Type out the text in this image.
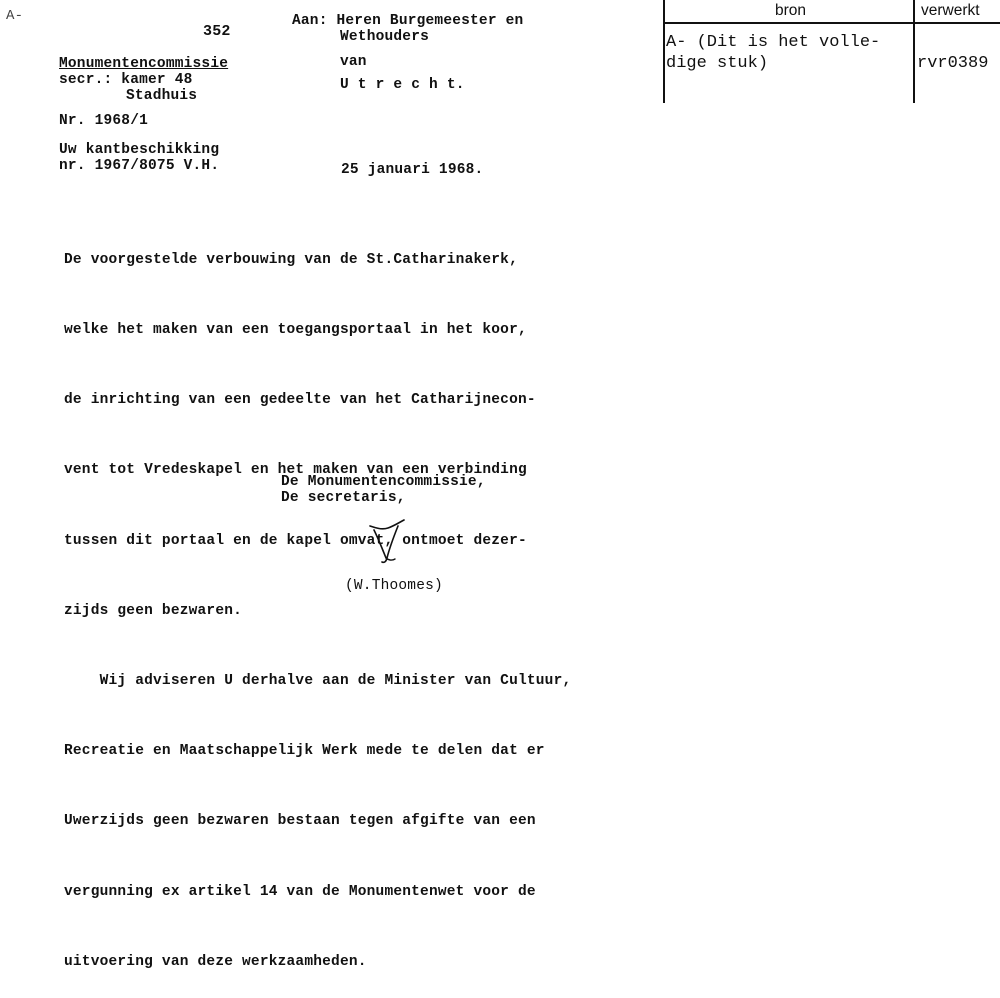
A-
352
Monumentencommissie
secr.: kamer 48
Stadhuis
Nr. 1968/1
Uw kantbeschikking
nr. 1967/8075 V.H.
Aan: Heren Burgemeester en
Wethouders
van
U t r e c h t.
25 januari 1968.

De voorgestelde verbouwing van de St.Catharinakerk,

welke het maken van een toegangsportaal in het koor,

de inrichting van een gedeelte van het Catharijnecon-

vent tot Vredeskapel en het maken van een verbinding

tussen dit portaal en de kapel omvat, ontmoet dezer-

zijds geen bezwaren.

Wij adviseren U derhalve aan de Minister van Cultuur,

Recreatie en Maatschappelijk Werk mede te delen dat er

Uwerzijds geen bezwaren bestaan tegen afgifte van een

vergunning ex artikel 14 van de Monumentenwet voor de

uitvoering van deze werkzaamheden.

De Monumentencommissie,
De secretaris,
(W.Thoomes)
bron	verwerkt
A- (Dit is het volle-
dige stuk)	rvr0389
